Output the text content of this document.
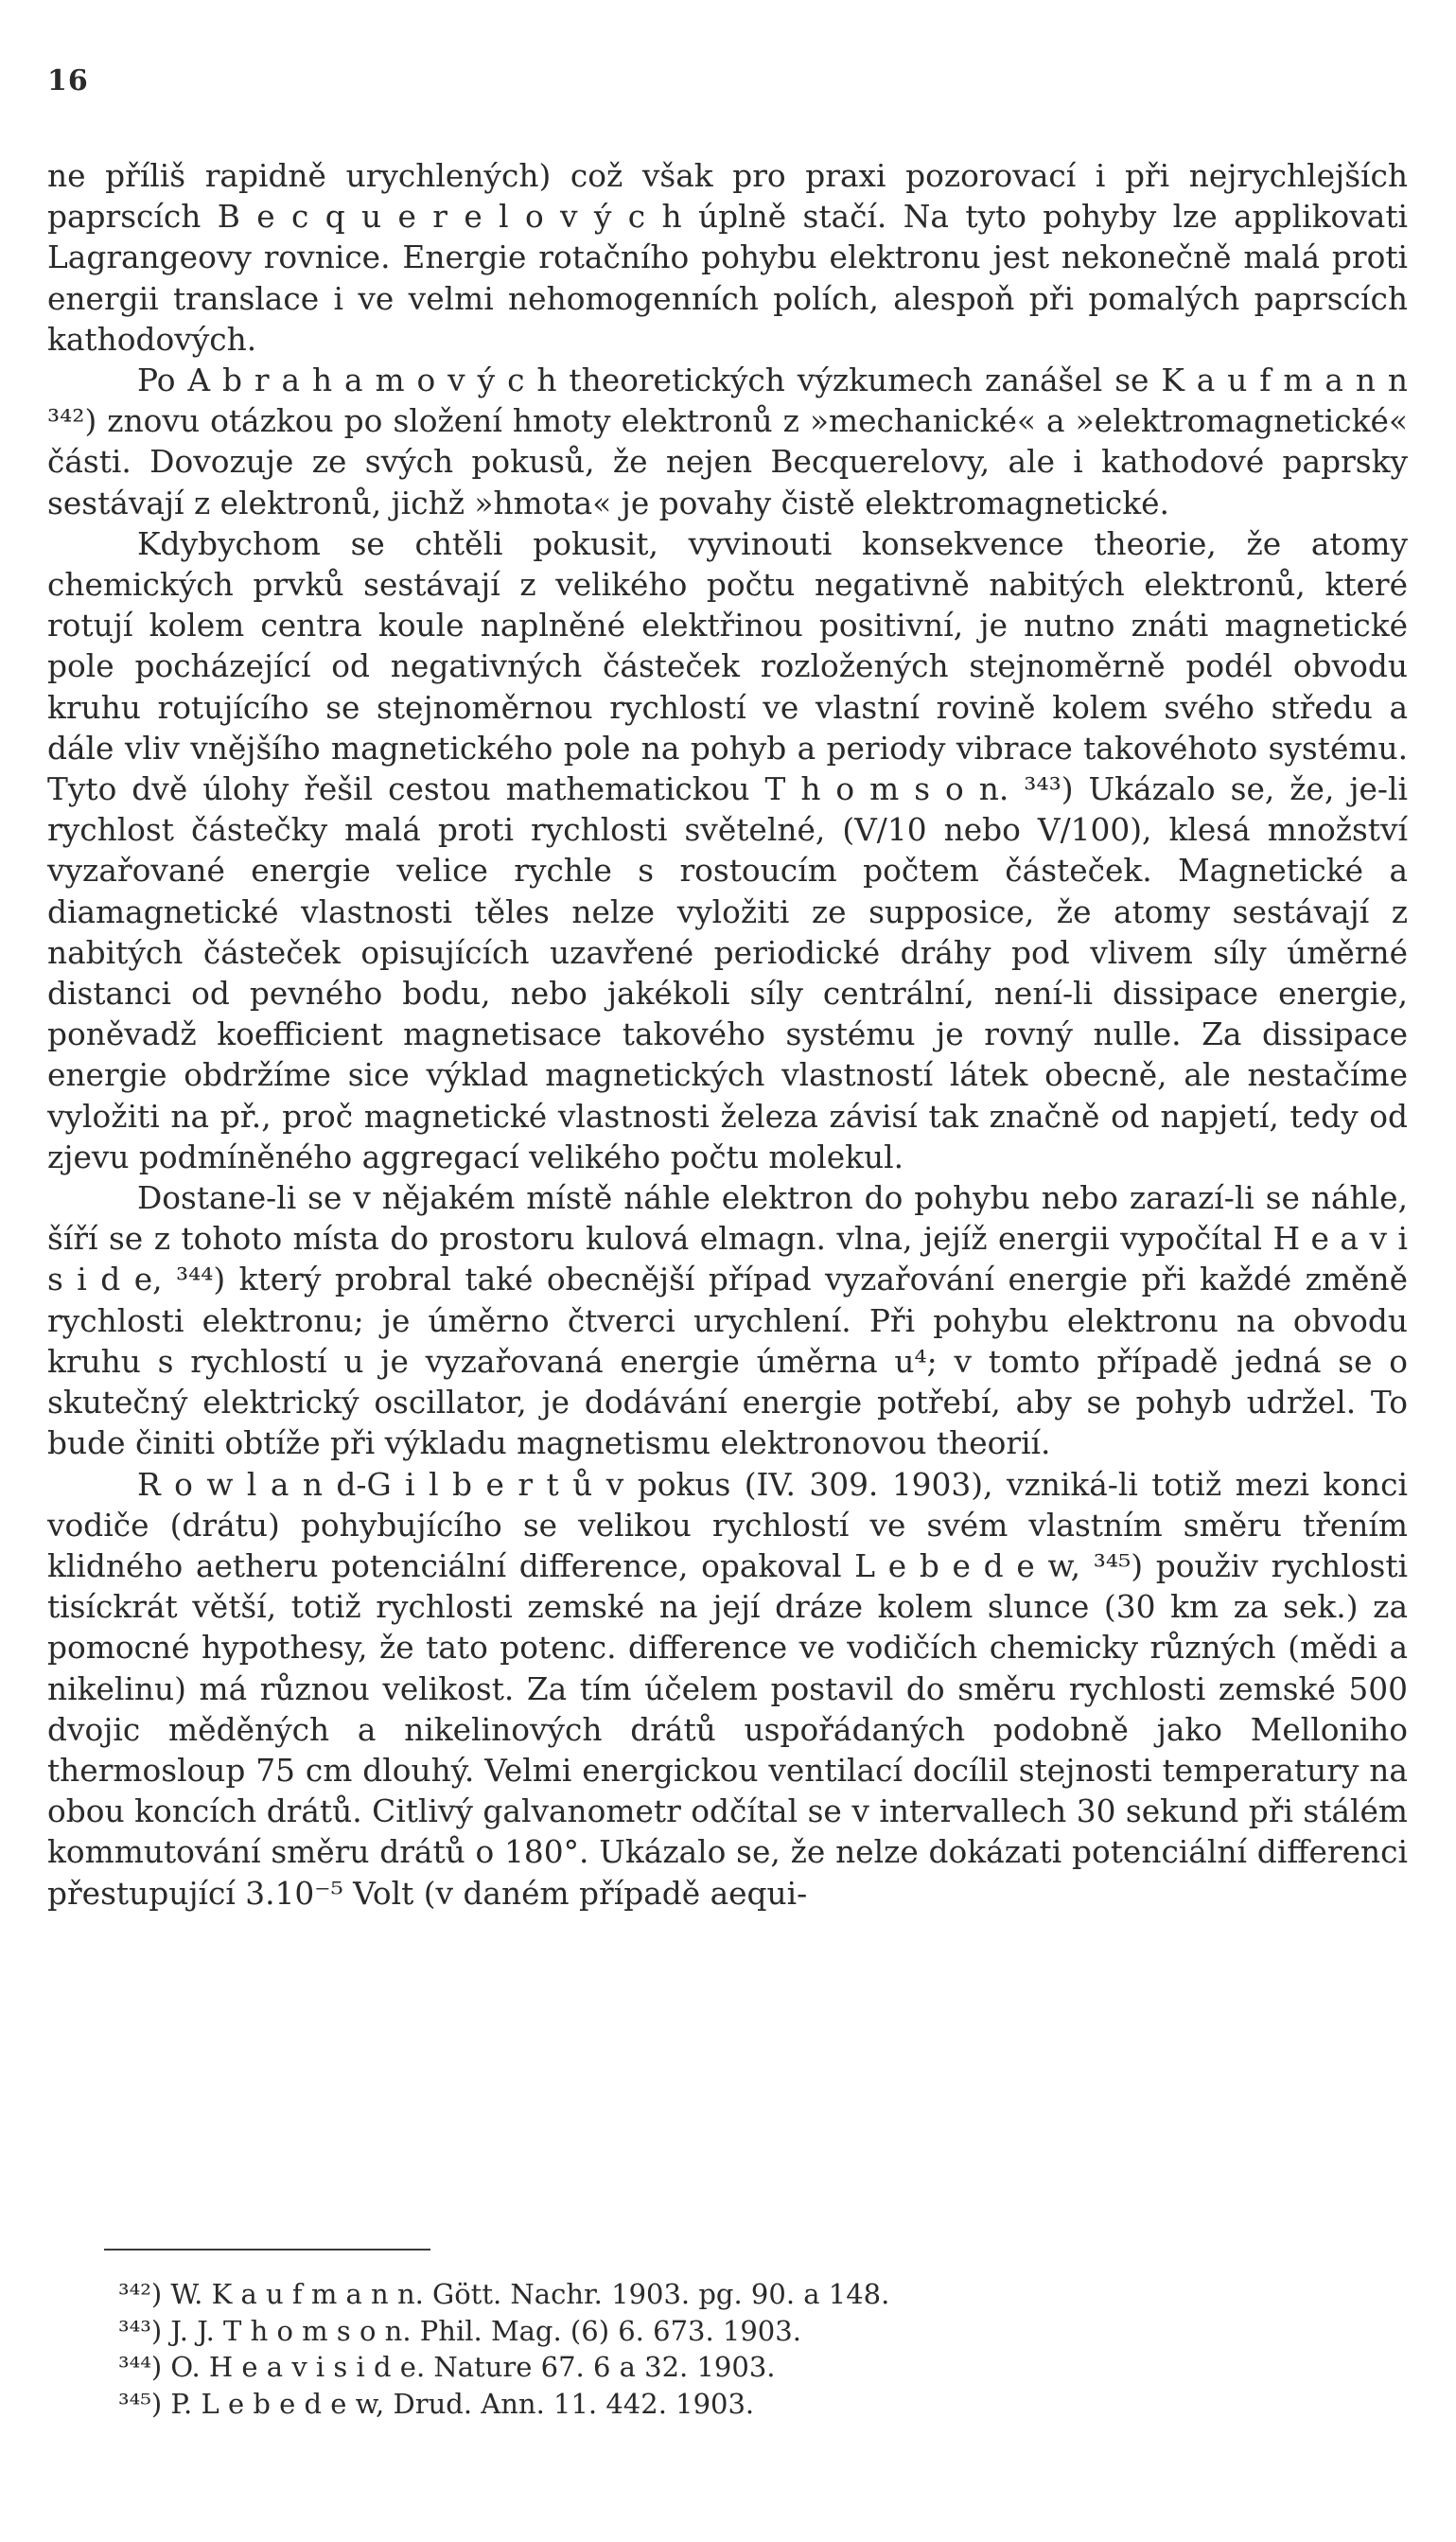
16

ne příliš rapidně urychlených) což však pro praxi pozorovací i při nejrychlejších paprscích B e c q u e r e l o v ý c h úplně stačí. Na tyto pohyby lze applikovati Lagrangeovy rovnice. Energie rotačního pohybu elektronu jest nekonečně malá proti energii translace i ve velmi nehomogenních polích, alespoň při pomalých paprscích kathodových.

Po A b r a h a m o v ý c h theoretických výzkumech zanášel se K a u f m a n n ³⁴²) znovu otázkou po složení hmoty elektronů z »mechanické« a »elektromagnetické« části. Dovozuje ze svých pokusů, že nejen Becquerelovy, ale i kathodové paprsky sestávají z elektronů, jichž »hmota« je povahy čistě elektromagnetické.

Kdybychom se chtěli pokusit, vyvinouti konsekvence theorie, že atomy chemických prvků sestávají z velikého počtu negativně nabitých elektronů, které rotují kolem centra koule naplněné elektřinou positivní, je nutno znáti magnetické pole pocházející od negativných částeček rozložených stejnoměrně podél obvodu kruhu rotujícího se stejnoměrnou rychlostí ve vlastní rovině kolem svého středu a dále vliv vnějšího magnetického pole na pohyb a periody vibrace takovéhoto systému. Tyto dvě úlohy řešil cestou mathematickou T h o m s o n. ³⁴³) Ukázalo se, že, je-li rychlost částečky malá proti rychlosti světelné, (V/10 nebo V/100), klesá množství vyzařované energie velice rychle s rostoucím počtem částeček. Magnetické a diamagnetické vlastnosti těles nelze vyložiti ze supposice, že atomy sestávají z nabitých částeček opisujících uzavřené periodické dráhy pod vlivem síly úměrné distanci od pevného bodu, nebo jakékoli síly centrální, není-li dissipace energie, poněvadž koefficient magnetisace takového systému je rovný nulle. Za dissipace energie obdržíme sice výklad magnetických vlastností látek obecně, ale nestačíme vyložiti na př., proč magnetické vlastnosti železa závisí tak značně od napjetí, tedy od zjevu podmíněného aggregací velikého počtu molekul.

Dostane-li se v nějakém místě náhle elektron do pohybu nebo zarazí-li se náhle, šíří se z tohoto místa do prostoru kulová elmagn. vlna, jejíž energii vypočítal H e a v i s i d e, ³⁴⁴) který probral také obecnější případ vyzařování energie při každé změně rychlosti elektronu; je úměrno čtverci urychlení. Při pohybu elektronu na obvodu kruhu s rychlostí u je vyzařovaná energie úměrna u⁴; v tomto případě jedná se o skutečný elektrický oscillator, je dodávání energie potřebí, aby se pohyb udržel. To bude činiti obtíže při výkladu magnetismu elektronovou theorií.

R o w l a n d-G i l b e r t ů v pokus (IV. 309. 1903), vzniká-li totiž mezi konci vodiče (drátu) pohybujícího se velikou rychlostí ve svém vlastním směru třením klidného aetheru potenciální difference, opakoval L e b e d e w, ³⁴⁵) použiv rychlosti tisíckrát větší, totiž rychlosti zemské na její dráze kolem slunce (30 km za sek.) za pomocné hypothesy, že tato potenc. difference ve vodičích chemicky různých (mědi a nikelinu) má různou velikost. Za tím účelem postavil do směru rychlosti zemské 500 dvojic měděných a nikelinových drátů uspořádaných podobně jako Melloniho thermosloup 75 cm dlouhý. Velmi energickou ventilací docílil stejnosti temperatury na obou koncích drátů. Citlivý galvanometr odčítal se v intervallech 30 sekund při stálém kommutování směru drátů o 180°. Ukázalo se, že nelze dokázati potenciální differenci přestupující 3.10⁻⁵ Volt (v daném případě aequi-

³⁴²) W. K a u f m a n n. Gött. Nachr. 1903. pg. 90. a 148.
³⁴³) J. J. T h o m s o n. Phil. Mag. (6) 6. 673. 1903.
³⁴⁴) O. H e a v i s i d e. Nature 67. 6 a 32. 1903.
³⁴⁵) P. L e b e d e w, Drud. Ann. 11. 442. 1903.
